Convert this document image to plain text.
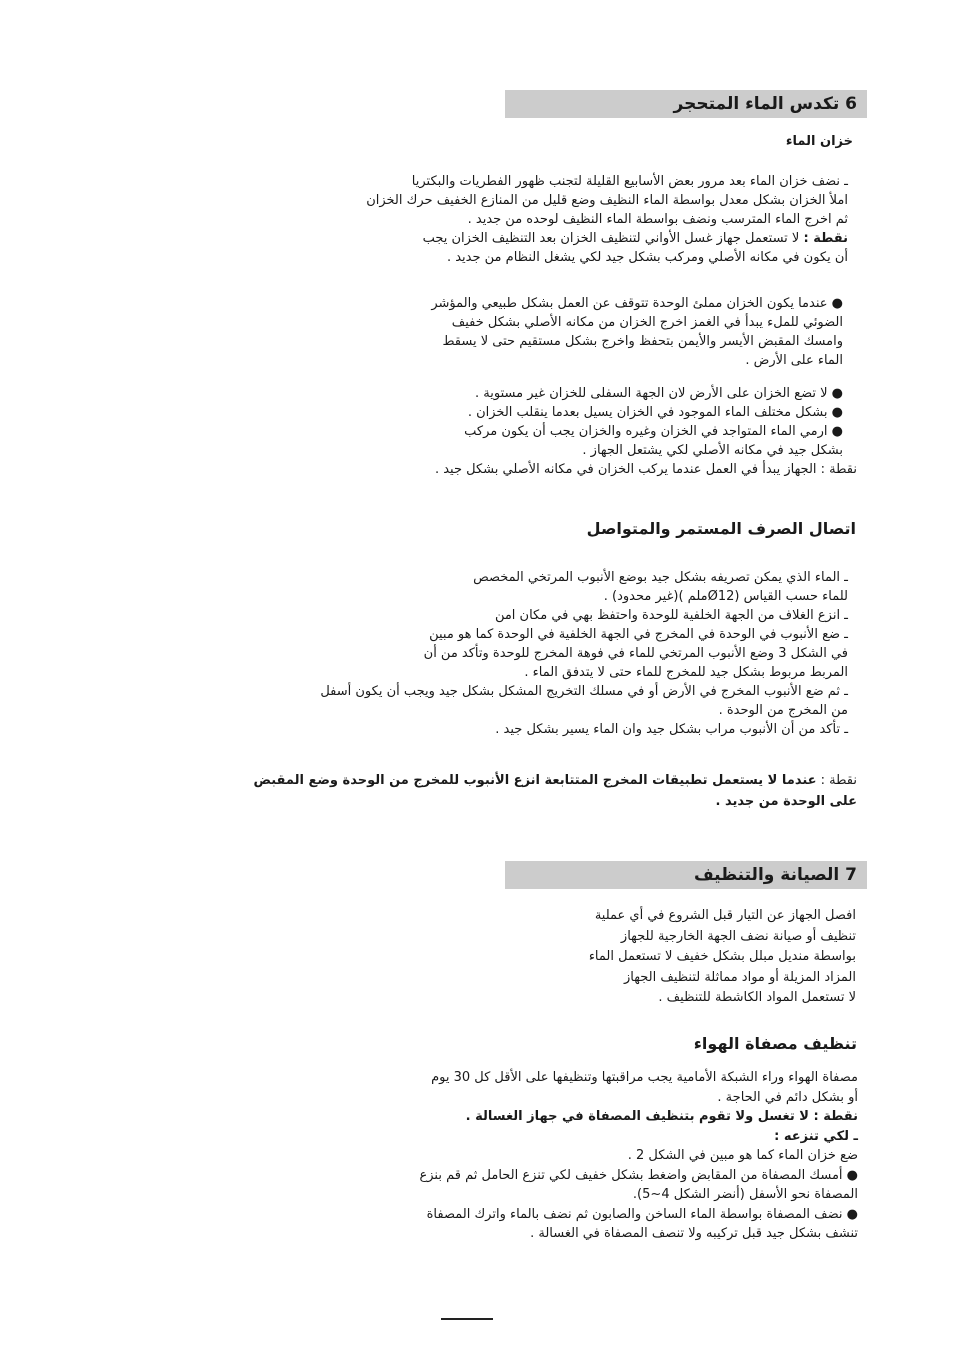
6 تكدس الماء المتحجر
خزان الماء
ـ نضف خزان الماء بعد مرور بعض الأسابيع القليلة لتجنب ظهور الفطريات والبكتريا
املأ الخزان بشكل معدل بواسطة الماء النظيف وضع قليل من المنازع الخفيف حرك الخزان
ثم اخرج الماء المترسب ونضف بواسطة الماء النظيف لوحده من جديد .
نقطة : لا تستعمل جهاز غسل الأواني لتنظيف الخزان بعد التنظيف الخزان يجب
أن يكون في مكانه الأصلي ومركب بشكل جيد لكي يشغل النظام من جديد .
● عندما يكون الخزان مملئ الوحدة تتوقف عن العمل بشكل طبيعي والمؤشر
الضوئي للملء يبدأ في الغمز اخرج الخزان من مكانه الأصلي بشكل خفيف
وامسك المقبض الأيسر والأيمن بتحفظ واخرج بشكل مستقيم حتى لا يسقط
الماء على الأرض .
● لا تضع الخزان على الأرض لان الجهة السفلى للخزان غير مستوية .
● بشكل مختلف الماء الموجود في الخزان يسيل بعدما ينقلب الخزان .
● ارمي الماء المتواجد في الخزان وغيره والخزان يجب أن يكون مركب
بشكل جيد في مكانه الأصلي لكي يشتعل الجهاز .
نقطة : الجهاز يبدأ في العمل عندما يركب الخزان في مكانه الأصلي بشكل جيد .
اتصال الصرف المستمر والمتواصل
ـ الماء الذي يمكن تصريفه بشكل جيد بوضع الأنبوب المرتخي المخصص
للماء حسب القياس (Ø12ملم )(غير محدود) .
ـ انزع الغلاف من الجهة الخلفية للوحدة واحتفظ بهي في مكان امن
ـ ضع الأنبوب في الوحدة في المخرج في الجهة الخلفية في الوحدة كما هو مبين
في الشكل 3 وضع الأنبوب المرتخي للماء في فوهة المخرج للوحدة وتأكد من أن
المربط مربوط بشكل جيد للمخرج للماء حتى لا يتدفق الماء .
ـ ثم ضع الأنبوب المخرج في الأرض أو في مسلك التخريج المشكل بشكل جيد ويجب أن يكون أسفل
من المخرج من الوحدة .
ـ تأكد من أن الأنبوب مراب بشكل جيد وان الماء يسير بشكل جيد .
نقطة : عندما لا يستعمل تطبيقات المخرج المتتابعة انزع الأنبوب للمخرج من الوحدة وضع المقبض
على الوحدة من جديد .
7 الصيانة والتنظيف
افصل الجهاز عن التيار قبل الشروع في أي عملية
تنظيف أو صيانة نضف الجهة الخارجية للجهاز
بواسطة منديل مبلل بشكل خفيف لا تستعمل الماء
المزاد المزيلة أو مواد مماثلة لتنظيف الجهاز
لا تستعمل المواد الكاشطة للتنظيف .
تنظيف مصفاة الهواء
مصفاة الهواء وراء الشبكة الأمامية يجب مراقبتها وتنظيفها على الأقل كل 30 يوم
أو بشكل دائم في الحاجة .
نقطة : لا تغسل ولا تقوم بتنظيف المصفاة في جهاز الغسالة .
ـ لكي تنزعه :
ضع خزان الماء كما هو مبين في الشكل 2 .
● أمسك المصفاة من المقابض واضغط بشكل خفيف لكي تنزع الحامل ثم قم بنزع
المصفاة نحو الأسفل (أنضر الشكل 4~5).
● نضف المصفاة بواسطة الماء الساخن والصابون ثم نضف بالماء واترك المصفاة
تنشف بشكل جيد قبل تركيبه ولا تنصف المصفاة في الغسالة .
